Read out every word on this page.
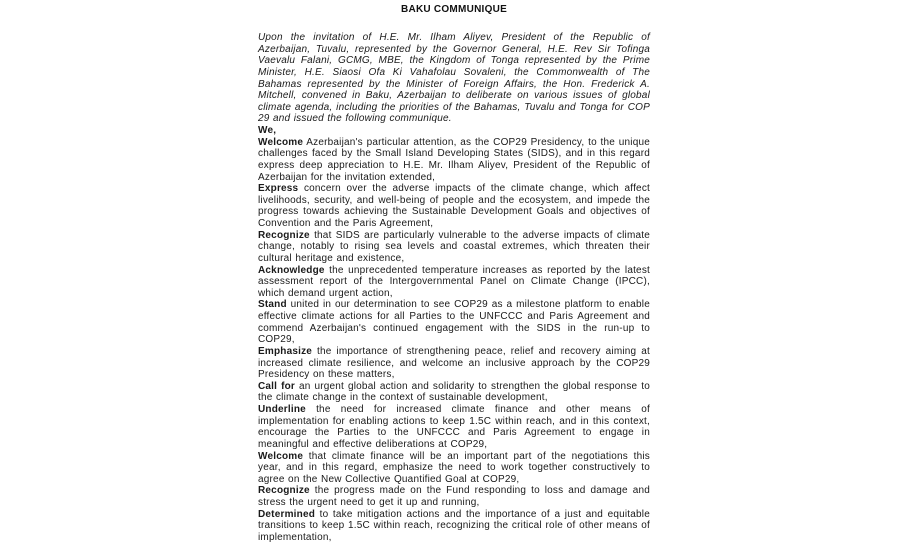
BAKU COMMUNIQUE

Upon the invitation of H.E. Mr. Ilham Aliyev, President of the Republic of Azerbaijan, Tuvalu, represented by the Governor General, H.E. Rev Sir Tofinga Vaevalu Falani, GCMG, MBE, the Kingdom of Tonga represented by the Prime Minister, H.E. Siaosi Ofa Ki Vahafolau Sovaleni, the Commonwealth of The Bahamas represented by the Minister of Foreign Affairs, the Hon. Frederick A. Mitchell, convened in Baku, Azerbaijan to deliberate on various issues of global climate agenda, including the priorities of the Bahamas, Tuvalu and Tonga for COP 29 and issued the following communique.

We,

Welcome Azerbaijan's particular attention, as the COP29 Presidency, to the unique challenges faced by the Small Island Developing States (SIDS), and in this regard express deep appreciation to H.E. Mr. Ilham Aliyev, President of the Republic of Azerbaijan for the invitation extended,

Express concern over the adverse impacts of the climate change, which affect livelihoods, security, and well-being of people and the ecosystem, and impede the progress towards achieving the Sustainable Development Goals and objectives of Convention and the Paris Agreement,

Recognize that SIDS are particularly vulnerable to the adverse impacts of climate change, notably to rising sea levels and coastal extremes, which threaten their cultural heritage and existence,

Acknowledge the unprecedented temperature increases as reported by the latest assessment report of the Intergovernmental Panel on Climate Change (IPCC), which demand urgent action,

Stand united in our determination to see COP29 as a milestone platform to enable effective climate actions for all Parties to the UNFCCC and Paris Agreement and commend Azerbaijan's continued engagement with the SIDS in the run-up to COP29,

Emphasize the importance of strengthening peace, relief and recovery aiming at increased climate resilience, and welcome an inclusive approach by the COP29 Presidency on these matters,

Call for an urgent global action and solidarity to strengthen the global response to the climate change in the context of sustainable development,

Underline the need for increased climate finance and other means of implementation for enabling actions to keep 1.5C within reach, and in this context, encourage the Parties to the UNFCCC and Paris Agreement to engage in meaningful and effective deliberations at COP29,

Welcome that climate finance will be an important part of the negotiations this year, and in this regard, emphasize the need to work together constructively to agree on the New Collective Quantified Goal at COP29,

Recognize the progress made on the Fund responding to loss and damage and stress the urgent need to get it up and running,

Determined to take mitigation actions and the importance of a just and equitable transitions to keep 1.5C within reach, recognizing the critical role of other means of implementation,
